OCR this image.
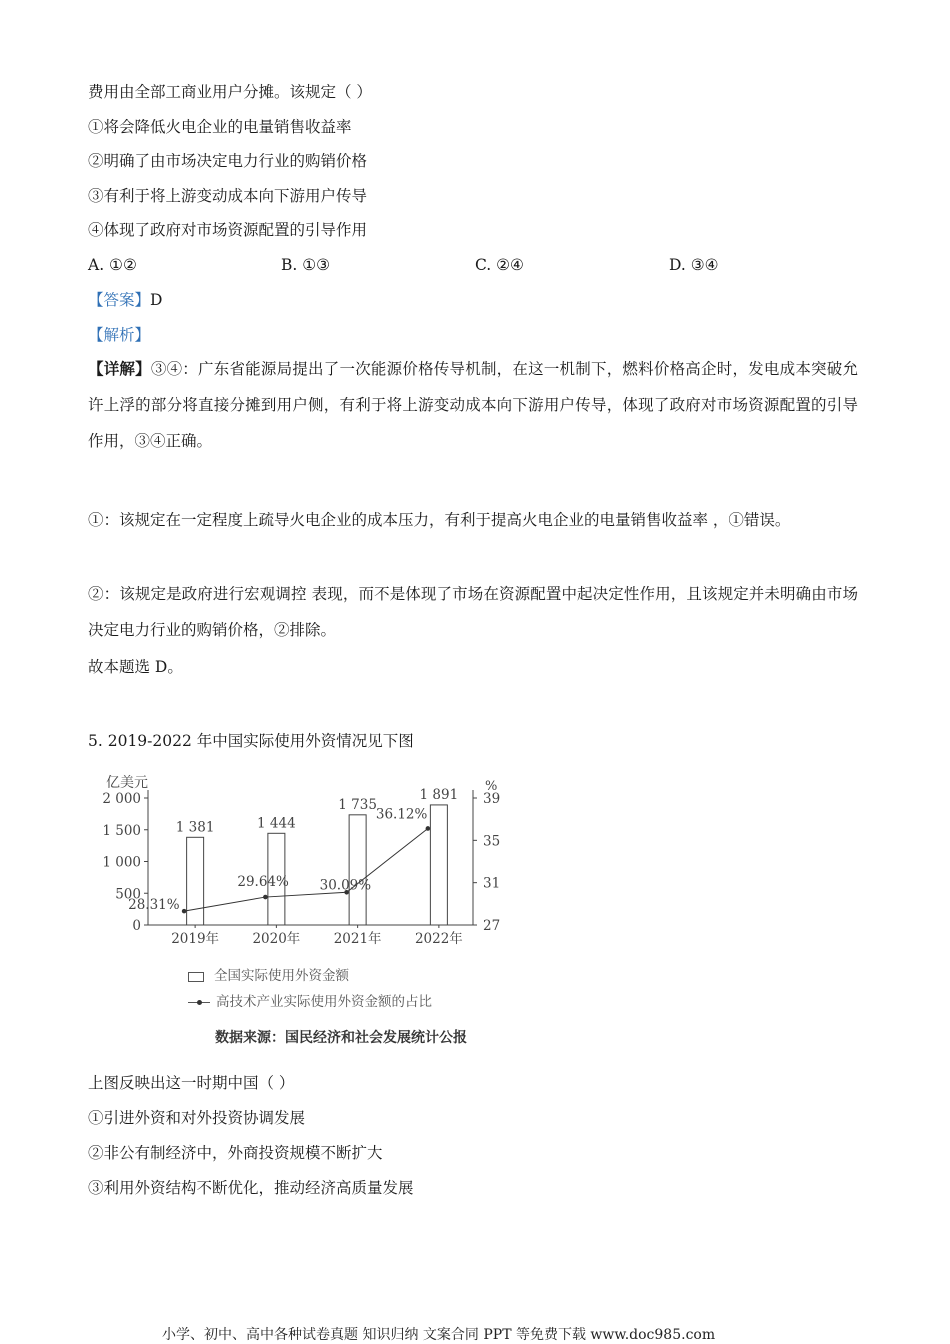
费用由全部工商业用户分摊。该规定（ ）
①将会降低火电企业的电量销售收益率
②明确了由市场决定电力行业的购销价格
③有利于将上游变动成本向下游用户传导
④体现了政府对市场资源配置的引导作用
A. ①②	B. ①③	C. ②④	D. ③④
【答案】D
【解析】
【详解】③④：广东省能源局提出了一次能源价格传导机制，在这一机制下，燃料价格高企时，发电成本突破允许上浮的部分将直接分摊到用户侧，有利于将上游变动成本向下游用户传导，体现了政府对市场资源配置的引导作用，③④正确。
①：该规定在一定程度上疏导火电企业的成本压力，有利于提高火电企业的电量销售收益率 ，①错误。
②：该规定是政府进行宏观调控 表现，而不是体现了市场在资源配置中起决定性作用，且该规定并未明确由市场决定电力行业的购销价格，②排除。
故本题选 D。
5. 2019-2022 年中国实际使用外资情况见下图
亿美元	%
0
500
1 000
1 500
2 000
27
31
35
39
1 381	1 444
1 735
1 891
2019年 2020年 2021年 2022年
28.31%
29.64% 30.09%
36.12%
全国实际使用外资金额
高技术产业实际使用外资金额的占比
数据来源：国民经济和社会发展统计公报
上图反映出这一时期中国（ ）
①引进外资和对外投资协调发展
②非公有制经济中，外商投资规模不断扩大
③利用外资结构不断优化，推动经济高质量发展
小学、初中、高中各种试卷真题 知识归纳 文案合同 PPT 等免费下载 www.doc985.com
